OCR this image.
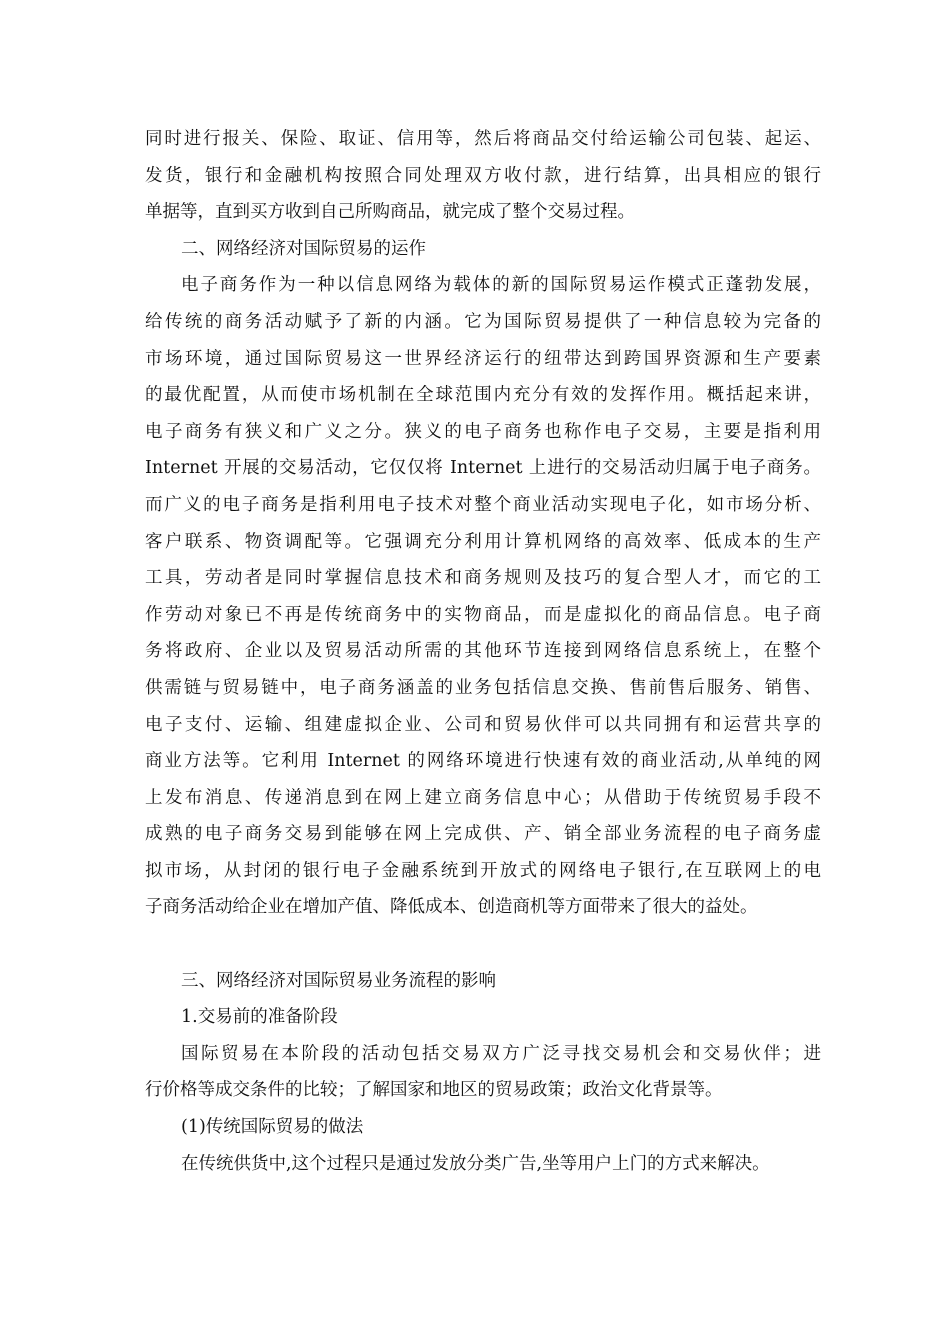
同时进行报关、保险、取证、信用等，然后将商品交付给运输公司包装、起运、
发货，银行和金融机构按照合同处理双方收付款，进行结算，出具相应的银行
单据等，直到买方收到自己所购商品，就完成了整个交易过程。
二、网络经济对国际贸易的运作
电子商务作为一种以信息网络为载体的新的国际贸易运作模式正蓬勃发展，
给传统的商务活动赋予了新的内涵。它为国际贸易提供了一种信息较为完备的
市场环境，通过国际贸易这一世界经济运行的纽带达到跨国界资源和生产要素
的最优配置，从而使市场机制在全球范围内充分有效的发挥作用。概括起来讲，
电子商务有狭义和广义之分。狭义的电子商务也称作电子交易，主要是指利用
Internet 开展的交易活动，它仅仅将 Internet 上进行的交易活动归属于电子商务。
而广义的电子商务是指利用电子技术对整个商业活动实现电子化，如市场分析、
客户联系、物资调配等。它强调充分利用计算机网络的高效率、低成本的生产
工具，劳动者是同时掌握信息技术和商务规则及技巧的复合型人才，而它的工
作劳动对象已不再是传统商务中的实物商品，而是虚拟化的商品信息。电子商
务将政府、企业以及贸易活动所需的其他环节连接到网络信息系统上，在整个
供需链与贸易链中，电子商务涵盖的业务包括信息交换、售前售后服务、销售、
电子支付、运输、组建虚拟企业、公司和贸易伙伴可以共同拥有和运营共享的
商业方法等。它利用 Internet 的网络环境进行快速有效的商业活动,从单纯的网
上发布消息、传递消息到在网上建立商务信息中心；从借助于传统贸易手段不
成熟的电子商务交易到能够在网上完成供、产、销全部业务流程的电子商务虚
拟市场，从封闭的银行电子金融系统到开放式的网络电子银行,在互联网上的电
子商务活动给企业在增加产值、降低成本、创造商机等方面带来了很大的益处。
三、网络经济对国际贸易业务流程的影响
1.交易前的准备阶段
国际贸易在本阶段的活动包括交易双方广泛寻找交易机会和交易伙伴；进
行价格等成交条件的比较；了解国家和地区的贸易政策；政治文化背景等。
(1)传统国际贸易的做法
在传统供货中,这个过程只是通过发放分类广告,坐等用户上门的方式来解决。
